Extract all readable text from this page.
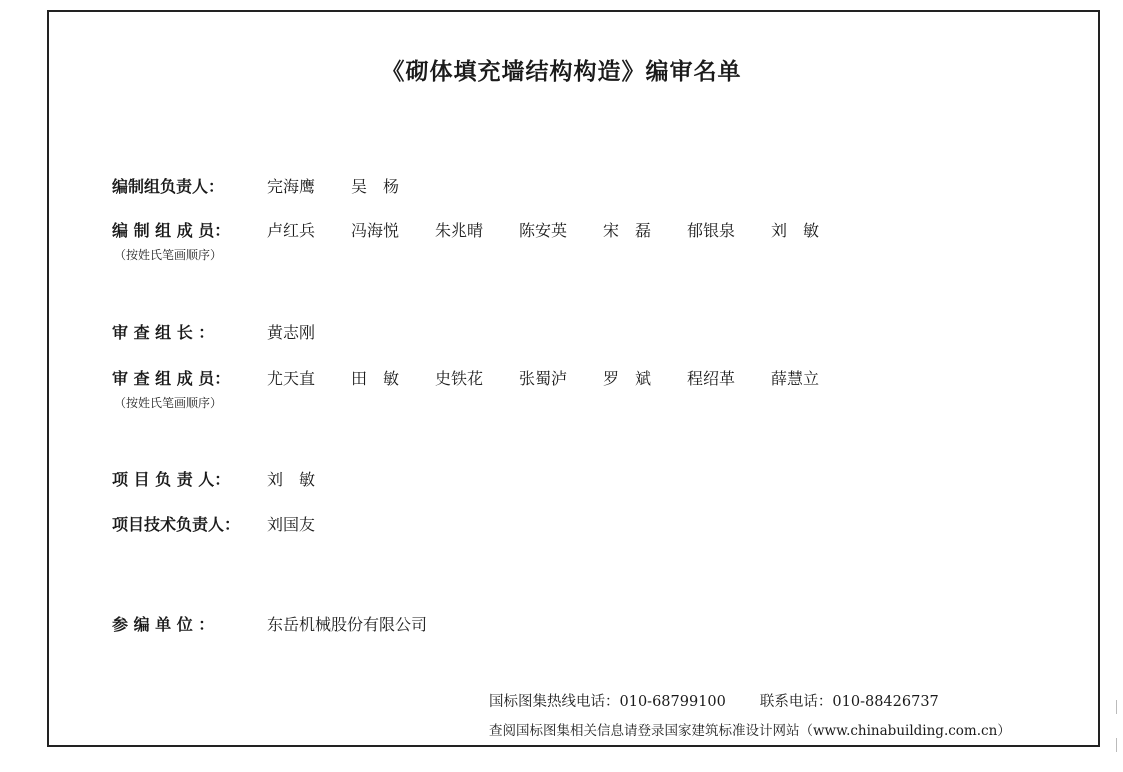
《砌体填充墙结构构造》编审名单
编制组负责人：	完海鹰 吴　杨
编 制 组 成 员： 卢红兵 冯海悦 朱兆晴 陈安英 宋　磊 郁银泉 刘　敏
（按姓氏笔画顺序）
审 查 组 长 ：	黄志刚
审 查 组 成 员： 尤天直 田　敏 史铁花 张蜀泸 罗　斌 程绍革 薛慧立
（按姓氏笔画顺序）
项 目 负 责 人： 刘　敏
项目技术负责人： 刘国友
参 编 单 位 ：	东岳机械股份有限公司
国标图集热线电话：010-68799100 联系电话：010-88426737
查阅国标图集相关信息请登录国家建筑标准设计网站（www.chinabuilding.com.cn）
